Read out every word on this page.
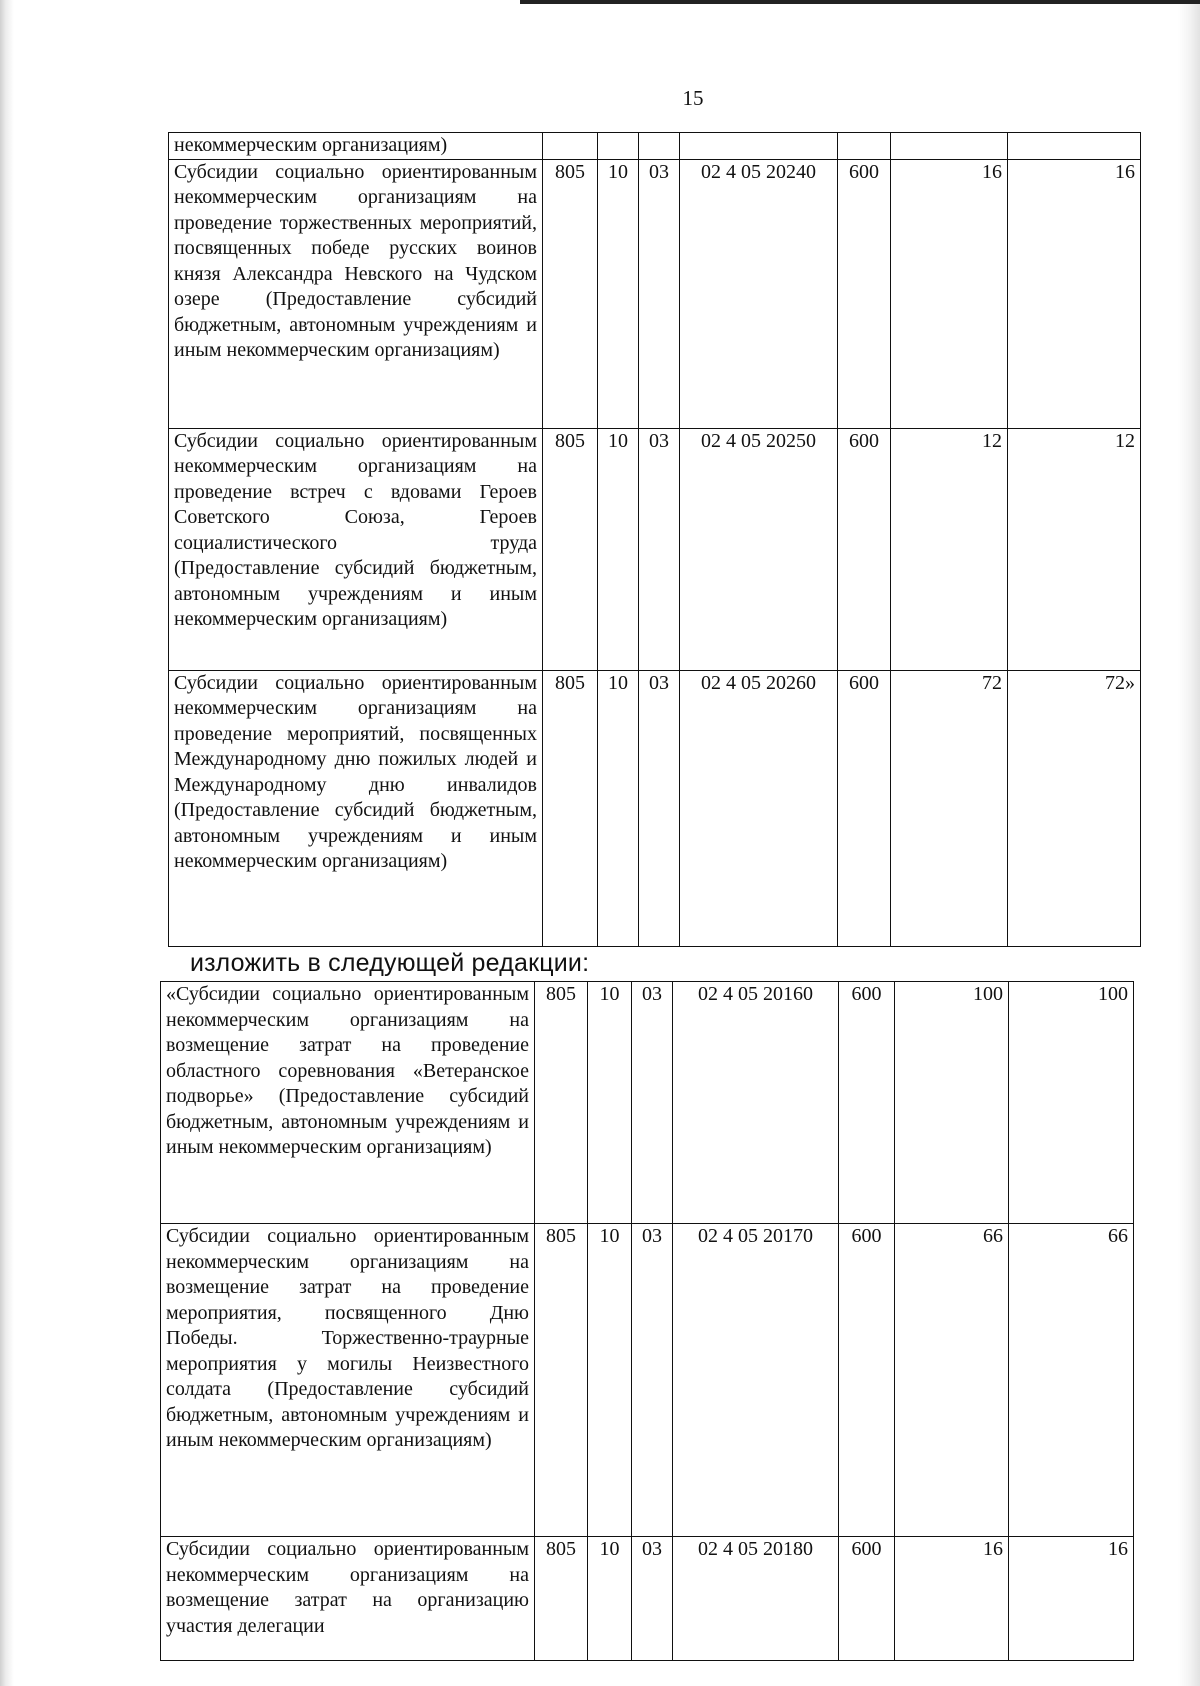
15
некоммерческим организациям)							
Субсидии социально ориентированным некоммерческим организациям на проведение торжественных мероприятий, посвященных победе русских воинов князя Александра Невского на Чудском озере (Предоставление субсидий бюджетным, автономным учреждениям и иным некоммерческим организациям)	805	10	03	02 4 05 20240	600	16	16
Субсидии социально ориентированным некоммерческим организациям на проведение встреч с вдовами Героев Советского Союза, Героев социалистического труда (Предоставление субсидий бюджетным, автономным учреждениям и иным некоммерческим организациям)	805	10	03	02 4 05 20250	600	12	12
Субсидии социально ориентированным некоммерческим организациям на проведение мероприятий, посвященных Международному дню пожилых людей и Международному дню инвалидов (Предоставление субсидий бюджетным, автономным учреждениям и иным некоммерческим организациям)	805	10	03	02 4 05 20260	600	72	72»
изложить в следующей редакции:
«Субсидии социально ориентированным некоммерческим организациям на возмещение затрат на проведение областного соревнования «Ветеранское подворье» (Предоставление субсидий бюджетным, автономным учреждениям и иным некоммерческим организациям)	805	10	03	02 4 05 20160	600	100	100
Субсидии социально ориентированным некоммерческим организациям на возмещение затрат на проведение мероприятия, посвященного Дню Победы. Торжественно-траурные мероприятия у могилы Неизвестного солдата (Предоставление субсидий бюджетным, автономным учреждениям и иным некоммерческим организациям)	805	10	03	02 4 05 20170	600	66	66
Субсидии социально ориентированным некоммерческим организациям на возмещение затрат на организацию участия делегации	805	10	03	02 4 05 20180	600	16	16
